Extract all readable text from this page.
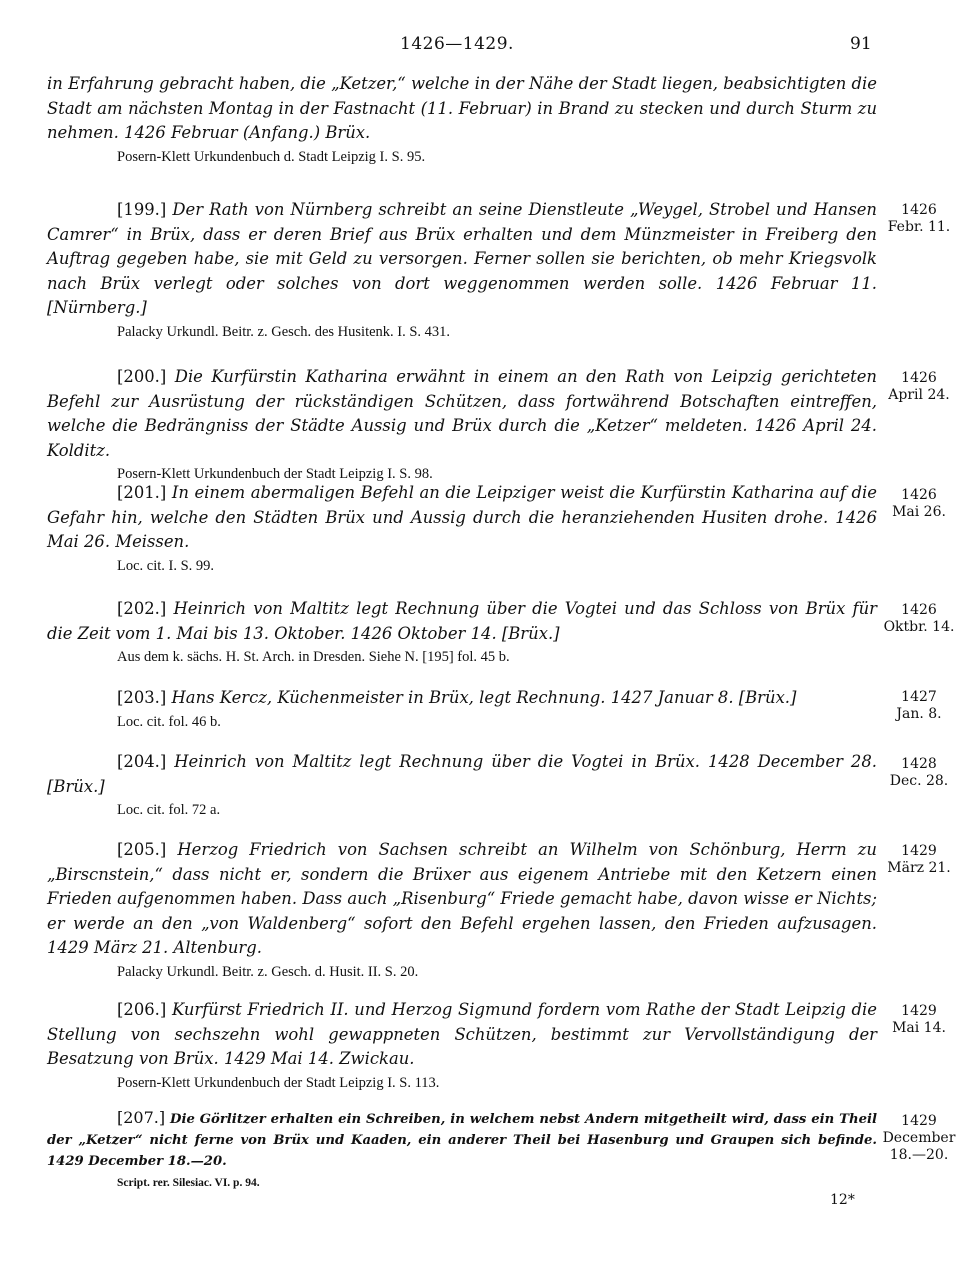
1426—1429.	91
in Erfahrung gebracht haben, die „Ketzer,“ welche in der Nähe der Stadt liegen, beabsichtigten die Stadt am nächsten Montag in der Fastnacht (11. Februar) in Brand zu stecken und durch Sturm zu nehmen. 1426 Februar (Anfang.) Brüx.
Posern-Klett Urkundenbuch d. Stadt Leipzig I. S. 95.
[199.] Der Rath von Nürnberg schreibt an seine Dienstleute „Weygel, Strobel und Hansen Camrer“ in Brüx, dass er deren Brief aus Brüx erhalten und dem Münzmeister in Freiberg den Auftrag gegeben habe, sie mit Geld zu versorgen. Ferner sollen sie berichten, ob mehr Kriegsvolk nach Brüx verlegt oder solches von dort weggenommen werden solle. 1426 Februar 11. [Nürnberg.]
Palacky Urkundl. Beitr. z. Gesch. des Husitenk. I. S. 431.
1426
Febr. 11.
[200.] Die Kurfürstin Katharina erwähnt in einem an den Rath von Leipzig gerichteten Befehl zur Ausrüstung der rückständigen Schützen, dass fortwährend Botschaften eintreffen, welche die Bedrängniss der Städte Aussig und Brüx durch die „Ketzer“ meldeten. 1426 April 24. Kolditz.
Posern-Klett Urkundenbuch der Stadt Leipzig I. S. 98.
1426
April 24.
[201.] In einem abermaligen Befehl an die Leipziger weist die Kurfürstin Katharina auf die Gefahr hin, welche den Städten Brüx und Aussig durch die heranziehenden Husiten drohe. 1426 Mai 26. Meissen.
Loc. cit. I. S. 99.
1426
Mai 26.
[202.] Heinrich von Maltitz legt Rechnung über die Vogtei und das Schloss von Brüx für die Zeit vom 1. Mai bis 13. Oktober. 1426 Oktober 14. [Brüx.]
Aus dem k. sächs. H. St. Arch. in Dresden. Siehe N. [195] fol. 45 b.
1426
Oktbr. 14.
[203.] Hans Kercz, Küchenmeister in Brüx, legt Rechnung. 1427 Januar 8. [Brüx.]
Loc. cit. fol. 46 b.
1427
Jan. 8.
[204.] Heinrich von Maltitz legt Rechnung über die Vogtei in Brüx. 1428 December 28. [Brüx.]
Loc. cit. fol. 72 a.
1428
Dec. 28.
[205.] Herzog Friedrich von Sachsen schreibt an Wilhelm von Schönburg, Herrn zu „Birscnstein,“ dass nicht er, sondern die Brüxer aus eigenem Antriebe mit den Ketzern einen Frieden aufgenommen haben. Dass auch „Risenburg“ Friede gemacht habe, davon wisse er Nichts; er werde an den „von Waldenberg“ sofort den Befehl ergehen lassen, den Frieden aufzusagen. 1429 März 21. Altenburg.
Palacky Urkundl. Beitr. z. Gesch. d. Husit. II. S. 20.
1429
März 21.
[206.] Kurfürst Friedrich II. und Herzog Sigmund fordern vom Rathe der Stadt Leipzig die Stellung von sechszehn wohl gewappneten Schützen, bestimmt zur Vervollständigung der Besatzung von Brüx. 1429 Mai 14. Zwickau.
Posern-Klett Urkundenbuch der Stadt Leipzig I. S. 113.
1429
Mai 14.
[207.] Die Görlitzer erhalten ein Schreiben, in welchem nebst Andern mitgetheilt wird, dass ein Theil der „Ketzer“ nicht ferne von Brüx und Kaaden, ein anderer Theil bei Hasenburg und Graupen sich befinde. 1429 December 18.—20.
Script. rer. Silesiac. VI. p. 94.
1429
December 18.—20.
12*
